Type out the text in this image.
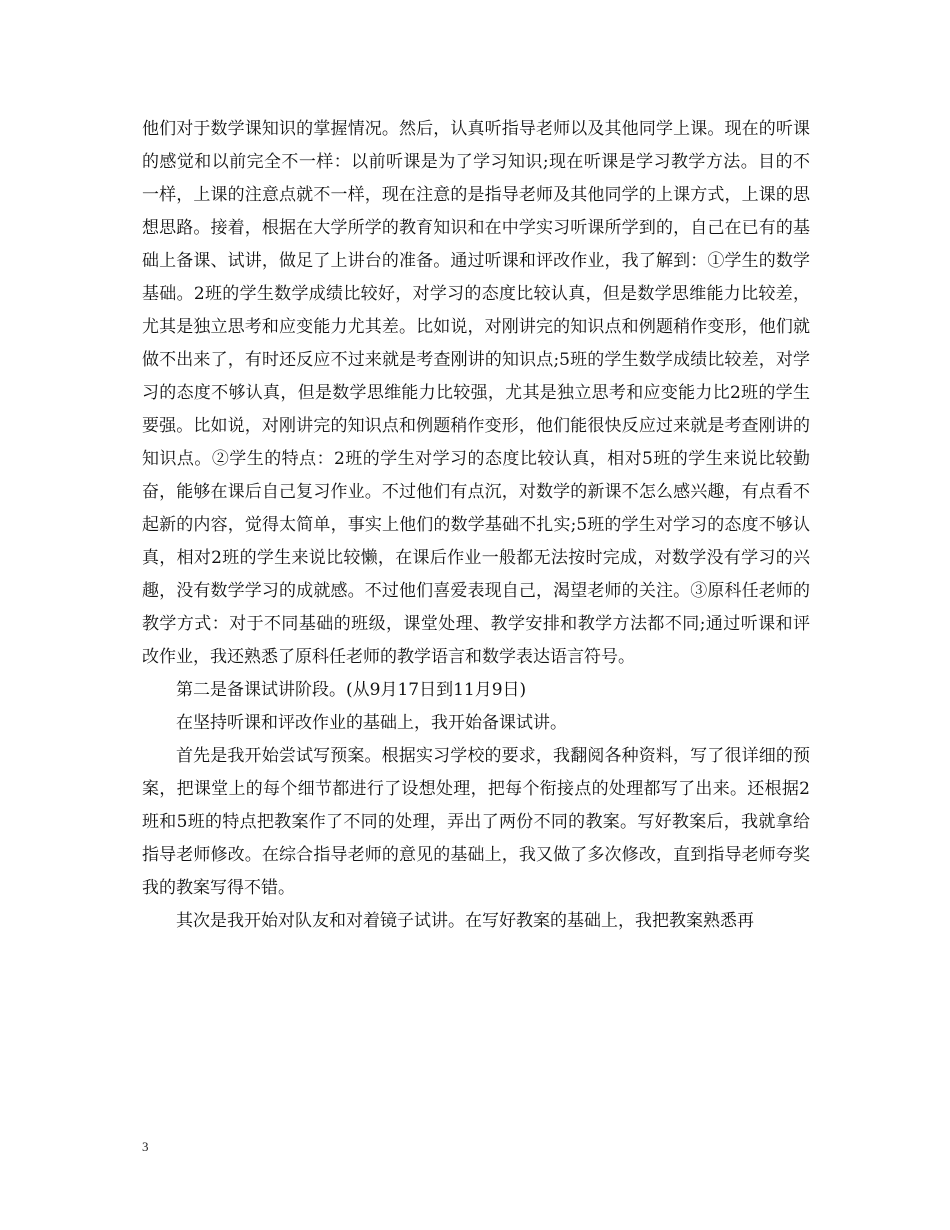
他们对于数学课知识的掌握情况。然后，认真听指导老师以及其他同学上课。现在的听课的感觉和以前完全不一样：以前听课是为了学习知识;现在听课是学习教学方法。目的不一样，上课的注意点就不一样，现在注意的是指导老师及其他同学的上课方式，上课的思想思路。接着，根据在大学所学的教育知识和在中学实习听课所学到的，自己在已有的基础上备课、试讲，做足了上讲台的准备。通过听课和评改作业，我了解到：①学生的数学基础。2班的学生数学成绩比较好，对学习的态度比较认真，但是数学思维能力比较差，尤其是独立思考和应变能力尤其差。比如说，对刚讲完的知识点和例题稍作变形，他们就做不出来了，有时还反应不过来就是考查刚讲的知识点;5班的学生数学成绩比较差，对学习的态度不够认真，但是数学思维能力比较强，尤其是独立思考和应变能力比2班的学生要强。比如说，对刚讲完的知识点和例题稍作变形，他们能很快反应过来就是考查刚讲的知识点。②学生的特点：2班的学生对学习的态度比较认真，相对5班的学生来说比较勤奋，能够在课后自己复习作业。不过他们有点沉，对数学的新课不怎么感兴趣，有点看不起新的内容，觉得太简单，事实上他们的数学基础不扎实;5班的学生对学习的态度不够认真，相对2班的学生来说比较懒，在课后作业一般都无法按时完成，对数学没有学习的兴趣，没有数学学习的成就感。不过他们喜爱表现自己，渴望老师的关注。③原科任老师的教学方式：对于不同基础的班级，课堂处理、教学安排和教学方法都不同;通过听课和评改作业，我还熟悉了原科任老师的教学语言和数学表达语言符号。

第二是备课试讲阶段。(从9月17日到11月9日)

在坚持听课和评改作业的基础上，我开始备课试讲。

首先是我开始尝试写预案。根据实习学校的要求，我翻阅各种资料，写了很详细的预案，把课堂上的每个细节都进行了设想处理，把每个衔接点的处理都写了出来。还根据2班和5班的特点把教案作了不同的处理，弄出了两份不同的教案。写好教案后，我就拿给指导老师修改。在综合指导老师的意见的基础上，我又做了多次修改，直到指导老师夸奖我的教案写得不错。

其次是我开始对队友和对着镜子试讲。在写好教案的基础上，我把教案熟悉再

3
